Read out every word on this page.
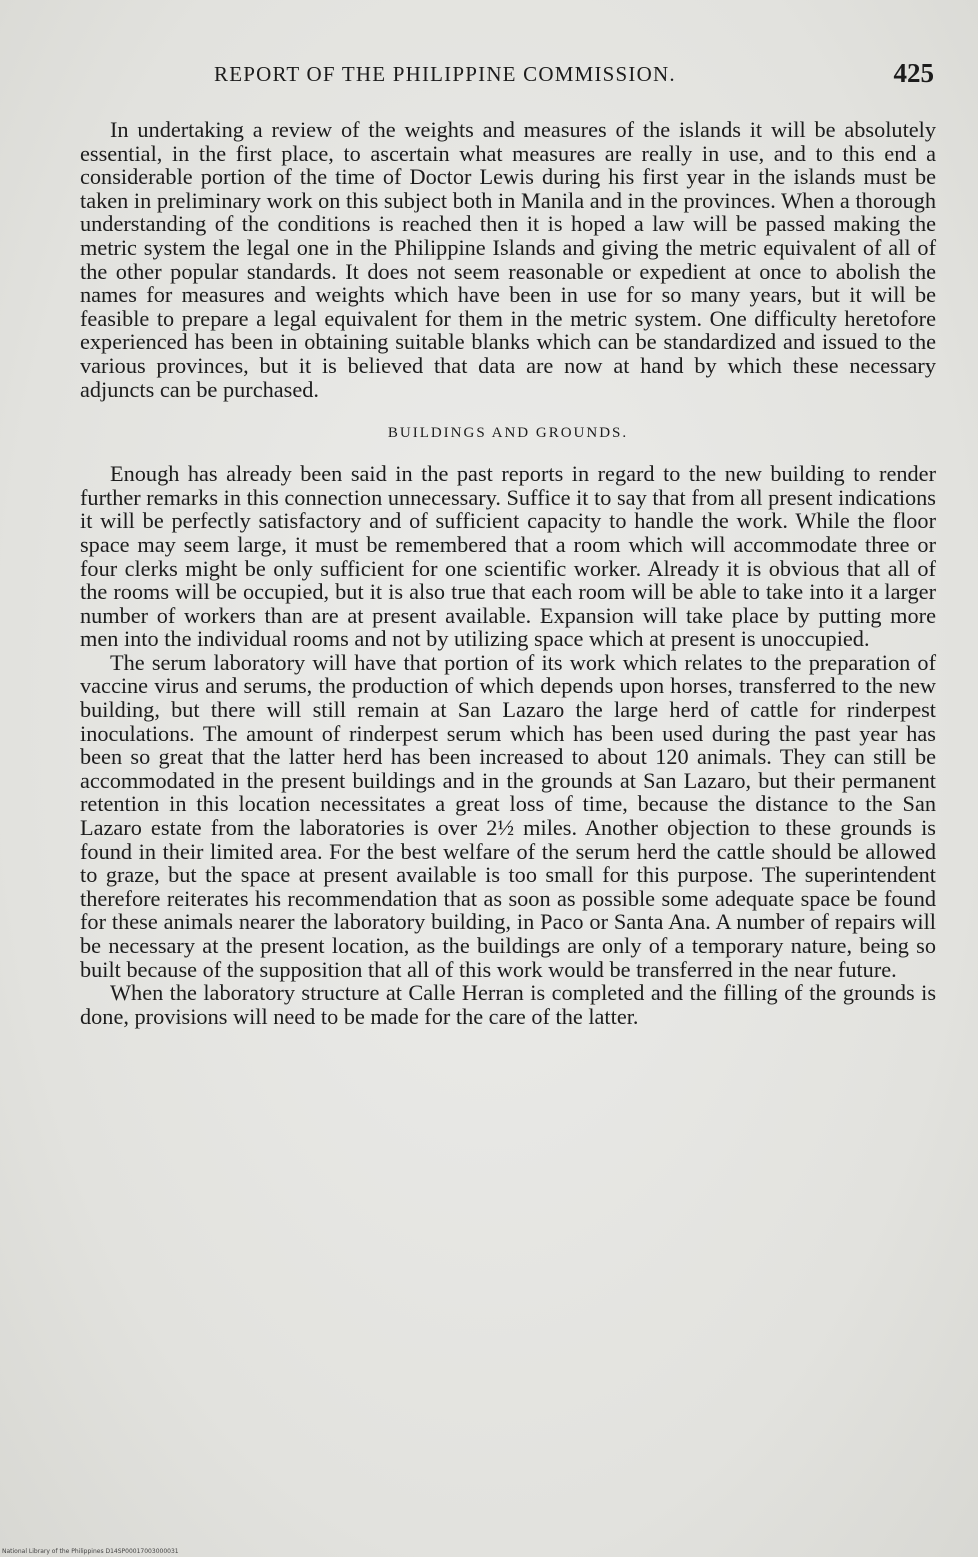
REPORT OF THE PHILIPPINE COMMISSION.	425

In undertaking a review of the weights and measures of the islands it will be absolutely essential, in the first place, to ascertain what measures are really in use, and to this end a considerable portion of the time of Doctor Lewis during his first year in the islands must be taken in preliminary work on this subject both in Manila and in the provinces. When a thorough understanding of the conditions is reached then it is hoped a law will be passed making the metric system the legal one in the Philippine Islands and giving the metric equivalent of all of the other popular standards. It does not seem reasonable or expedient at once to abolish the names for measures and weights which have been in use for so many years, but it will be feasible to prepare a legal equivalent for them in the metric system. One difficulty heretofore experienced has been in obtaining suitable blanks which can be standardized and issued to the various provinces, but it is believed that data are now at hand by which these necessary adjuncts can be purchased.

BUILDINGS AND GROUNDS.

Enough has already been said in the past reports in regard to the new building to render further remarks in this connection unnecessary. Suffice it to say that from all present indications it will be perfectly satisfactory and of sufficient capacity to handle the work. While the floor space may seem large, it must be remembered that a room which will accommodate three or four clerks might be only sufficient for one scientific worker. Already it is obvious that all of the rooms will be occupied, but it is also true that each room will be able to take into it a larger number of workers than are at present available. Expansion will take place by putting more men into the individual rooms and not by utilizing space which at present is unoccupied.

The serum laboratory will have that portion of its work which relates to the preparation of vaccine virus and serums, the production of which depends upon horses, transferred to the new building, but there will still remain at San Lazaro the large herd of cattle for rinderpest inoculations. The amount of rinderpest serum which has been used during the past year has been so great that the latter herd has been increased to about 120 animals. They can still be accommodated in the present buildings and in the grounds at San Lazaro, but their permanent retention in this location necessitates a great loss of time, because the distance to the San Lazaro estate from the laboratories is over 2½ miles. Another objection to these grounds is found in their limited area. For the best welfare of the serum herd the cattle should be allowed to graze, but the space at present available is too small for this purpose. The superintendent therefore reiterates his recommendation that as soon as possible some adequate space be found for these animals nearer the laboratory building, in Paco or Santa Ana. A number of repairs will be necessary at the present location, as the buildings are only of a temporary nature, being so built because of the supposition that all of this work would be transferred in the near future.

When the laboratory structure at Calle Herran is completed and the filling of the grounds is done, provisions will need to be made for the care of the latter.

National Library of the Philippines D14SP00017003000031
